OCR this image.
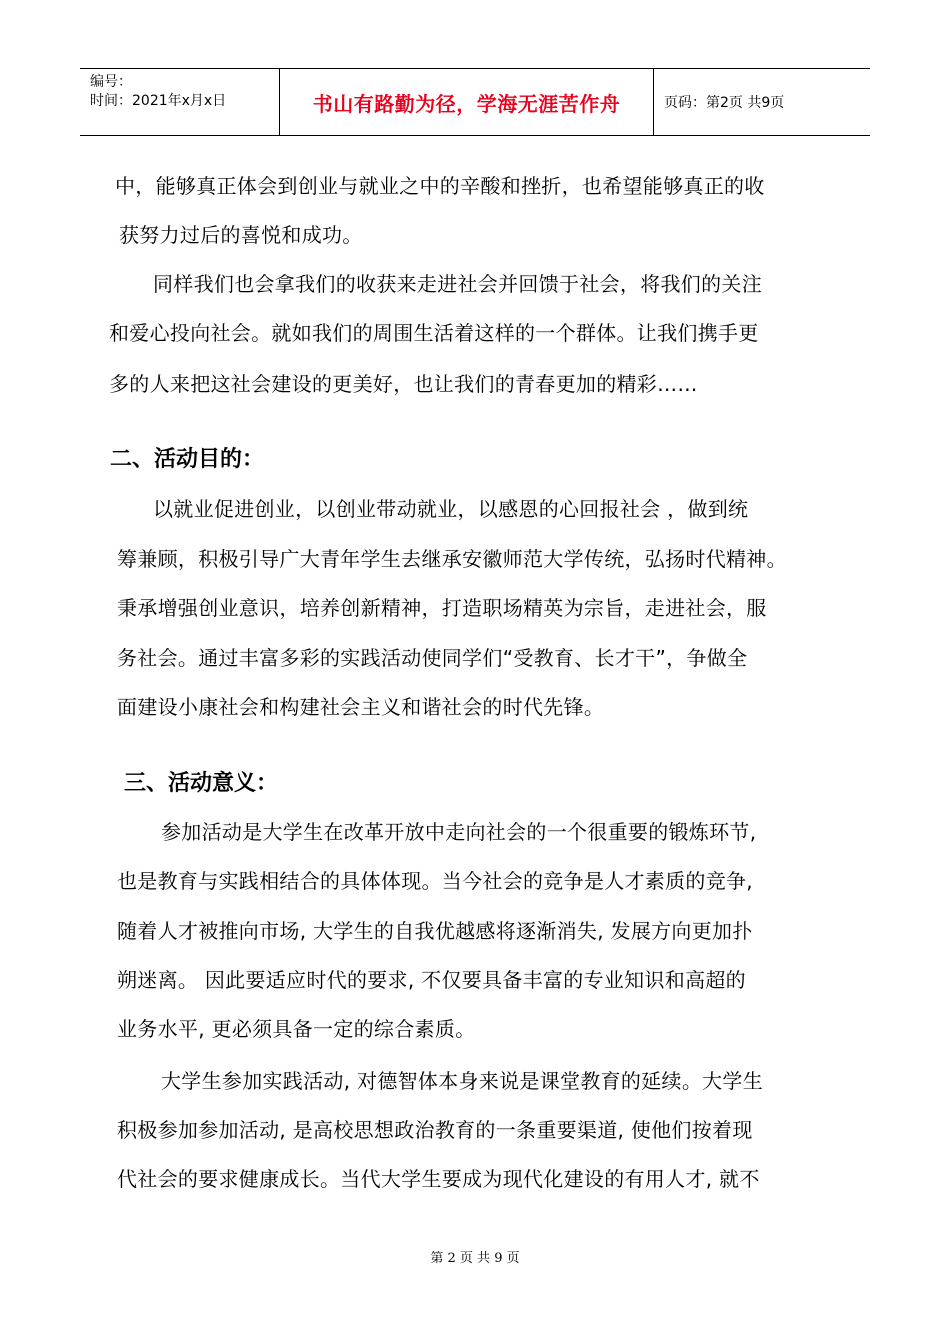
编号：
时间：2021年x月x日	书山有路勤为径，学海无涯苦作舟	页码：第2页 共9页
中，能够真正体会到创业与就业之中的辛酸和挫折，也希望能够真正的收
获努力过后的喜悦和成功。
同样我们也会拿我们的收获来走进社会并回馈于社会，将我们的关注
和爱心投向社会。就如我们的周围生活着这样的一个群体。让我们携手更
多的人来把这社会建设的更美好，也让我们的青春更加的精彩……
二、活动目的：
以就业促进创业，以创业带动就业，以感恩的心回报社会 ，做到统
筹兼顾，积极引导广大青年学生去继承安徽师范大学传统，弘扬时代精神。
秉承增强创业意识，培养创新精神，打造职场精英为宗旨，走进社会，服
务社会。通过丰富多彩的实践活动使同学们“受教育、长才干”，争做全
面建设小康社会和构建社会主义和谐社会的时代先锋。
三、活动意义：
参加活动是大学生在改革开放中走向社会的一个很重要的锻炼环节,
也是教育与实践相结合的具体体现。当今社会的竞争是人才素质的竞争,
随着人才被推向市场, 大学生的自我优越感将逐渐消失, 发展方向更加扑
朔迷离。 因此要适应时代的要求, 不仅要具备丰富的专业知识和高超的
业务水平, 更必须具备一定的综合素质。
大学生参加实践活动, 对德智体本身来说是课堂教育的延续。大学生
积极参加参加活动, 是高校思想政治教育的一条重要渠道, 使他们按着现
代社会的要求健康成长。当代大学生要成为现代化建设的有用人才, 就不
第 2 页 共 9 页
